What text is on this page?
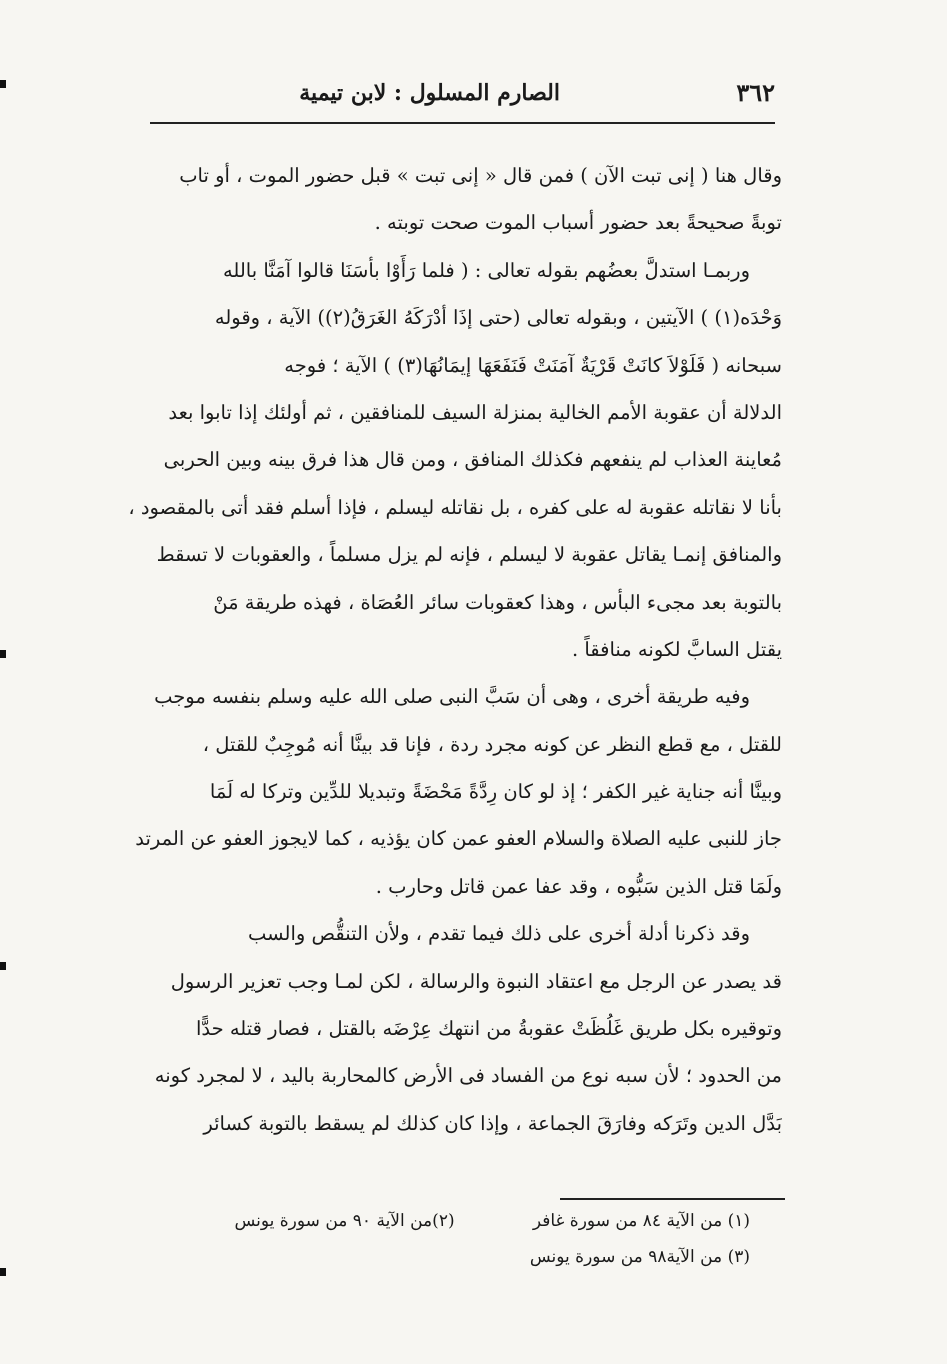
٣٦٢
الصارم المسلول : لابن تيمية
وقال هنا ( إنى تبت الآن ) فمن قال « إنى تبت » قبل حضور الموت ، أو تاب
توبةً صحيحةً بعد حضور أسباب الموت صحت توبته .
وربمـا استدلَّ بعضُهم بقوله تعالى : ( فلما رَأَوْا بأسَنَا قالوا آمَنَّا بالله
وَحْدَه(١) ) الآيتين ، وبقوله تعالى (حتى إذَا أدْرَكَهُ الغَرَقُ(٢)) الآية ، وقوله
سبحانه ( فَلَوْلاَ كانَتْ قَرْيَةٌ آمَنَتْ فَنَفَعَهَا إيمَانُهَا(٣) ) الآية ؛ فوجه
الدلالة أن عقوبة الأمم الخالية بمنزلة السيف للمنافقين ، ثم أولئك إذا تابوا بعد
مُعاينة العذاب لم ينفعهم فكذلك المنافق ، ومن قال هذا فرق بينه وبين الحربى
بأنا لا نقاتله عقوبة له على كفره ، بل نقاتله ليسلم ، فإذا أسلم فقد أتى بالمقصود ،
والمنافق إنمـا يقاتل عقوبة لا ليسلم ، فإنه لم يزل مسلماً ، والعقوبات لا تسقط
بالتوبة بعد مجىء البأس ، وهذا كعقوبات سائر العُصَاة ، فهذه طريقة مَنْ
يقتل السابَّ لكونه منافقاً .
وفيه طريقة أخرى ، وهى أن سَبَّ النبى صلى الله عليه وسلم بنفسه موجب
للقتل ، مع قطع النظر عن كونه مجرد ردة ، فإنا قد بينَّا أنه مُوجِبٌ للقتل ،
وبينَّا أنه جناية غير الكفر ؛ إذ لو كان رِدَّةً مَحْضَةً وتبديلا للدِّين وتركا له لَمَا
جاز للنبى عليه الصلاة والسلام العفو عمن كان يؤذيه ، كما لايجوز العفو عن المرتد
ولَمَا قتل الذين سَبُّوه ، وقد عفا عمن قاتل وحارب .
وقد ذكرنا أدلة أخرى على ذلك فيما تقدم ، ولأن التنقُّص والسب
قد يصدر عن الرجل مع اعتقاد النبوة والرسالة ، لكن لمـا وجب تعزير الرسول
وتوقيره بكل طريق غَلُظَتْ عقوبةُ من انتهك عِرْضَه بالقتل ، فصار قتله حدًّا
من الحدود ؛ لأن سبه نوع من الفساد فى الأرض كالمحاربة باليد ، لا لمجرد كونه
بَدَّل الدين وتَرَكه وفارَقَ الجماعة ، وإذا كان كذلك لم يسقط بالتوبة كسائر
(١) من الآية ٨٤ من سورة غافر (٢)من الآية ٩٠ من سورة يونس
(٣) من الآية٩٨ من سورة يونس
